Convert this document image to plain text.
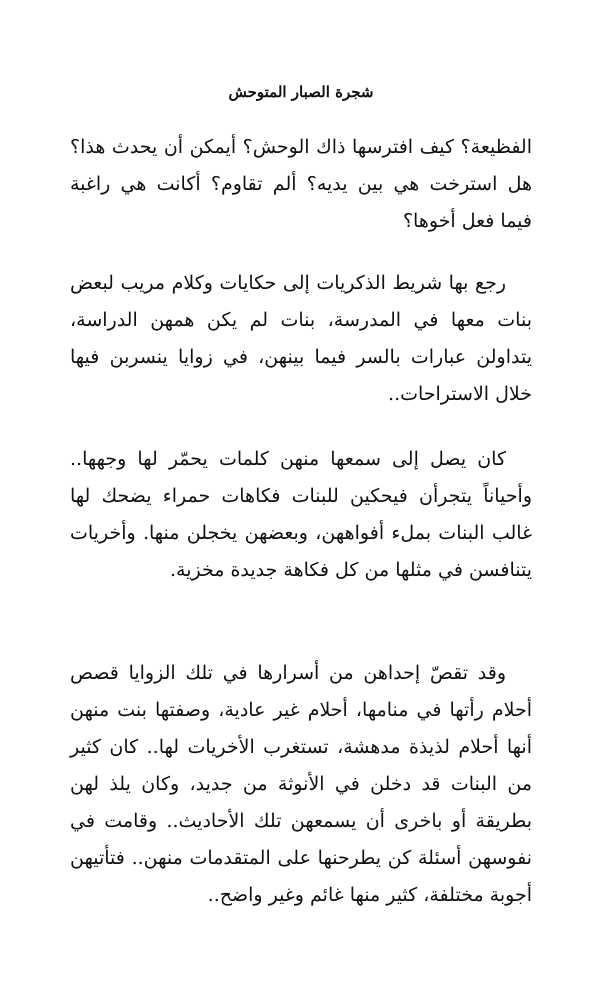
شجرة الصبار المتوحش

الفظيعة؟ كيف افترسها ذاك الوحش؟ أيمكن أن يحدث هذا؟ هل استرخت هي بين يديه؟ ألم تقاوم؟ أكانت هي راغبة فيما فعل أخوها؟

رجع بها شريط الذكريات إلى حكايات وكلام مريب لبعض بنات معها في المدرسة، بنات لم يكن همهن الدراسة، يتداولن عبارات بالسر فيما بينهن، في زوايا ينسربن فيها خلال الاستراحات..

كان يصل إلى سمعها منهن كلمات يحمّر لها وجهها.. وأحياناً يتجرأن فيحكين للبنات فكاهات حمراء يضحك لها غالب البنات بملء أفواههن، وبعضهن يخجلن منها. وأخريات يتنافسن في مثلها من كل فكاهة جديدة مخزية.

وقد تقصّ إحداهن من أسرارها في تلك الزوايا قصص أحلام رأتها في منامها، أحلام غير عادية، وصفتها بنت منهن أنها أحلام لذيذة مدهشة، تستغرب الأخريات لها.. كان كثير من البنات قد دخلن في الأنوثة من جديد، وكان يلذ لهن بطريقة أو باخرى أن يسمعهن تلك الأحاديث.. وقامت في نفوسهن أسئلة كن يطرحنها على المتقدمات منهن.. فتأتيهن أجوبة مختلفة، كثير منها غائم وغير واضح..
